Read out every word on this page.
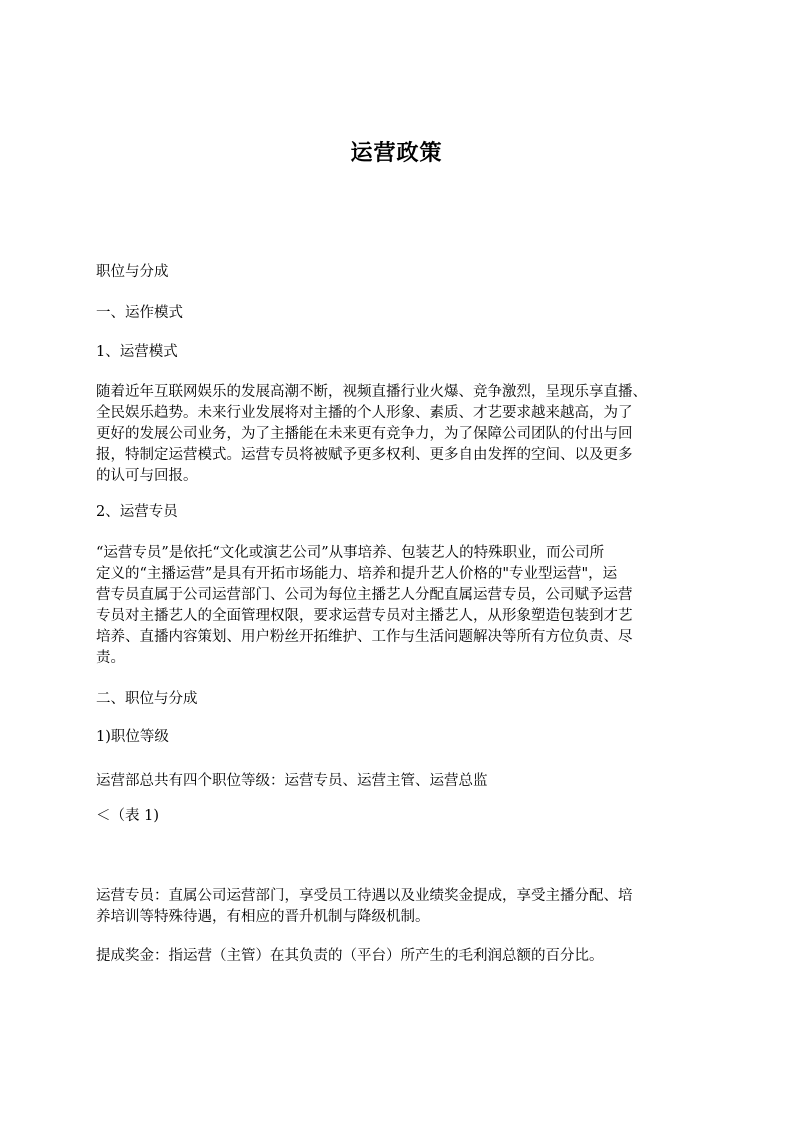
运营政策

职位与分成

一、运作模式

1、运营模式

随着近年互联网娱乐的发展高潮不断，视频直播行业火爆、竞争激烈，呈现乐享直播、
全民娱乐趋势。未来行业发展将对主播的个人形象、素质、才艺要求越来越高，为了
更好的发展公司业务，为了主播能在未来更有竞争力，为了保障公司团队的付出与回
报，特制定运营模式。运营专员将被赋予更多权利、更多自由发挥的空间、以及更多
的认可与回报。

2、运营专员

“运营专员”是依托“文化或演艺公司”从事培养、包装艺人的特殊职业，而公司所
定义的“主播运营”是具有开拓市场能力、培养和提升艺人价格的"专业型运营"，运
营专员直属于公司运营部门、公司为每位主播艺人分配直属运营专员，公司赋予运营
专员对主播艺人的全面管理权限，要求运营专员对主播艺人，从形象塑造包装到才艺
培养、直播内容策划、用户粉丝开拓维护、工作与生活问题解决等所有方位负责、尽
责。

二、职位与分成

1)职位等级

运营部总共有四个职位等级：运营专员、运营主管、运营总监

＜（表 1)

运营专员：直属公司运营部门，享受员工待遇以及业绩奖金提成，享受主播分配、培
养培训等特殊待遇，有相应的晋升机制与降级机制。

提成奖金：指运营（主管）在其负责的（平台）所产生的毛利润总额的百分比。
